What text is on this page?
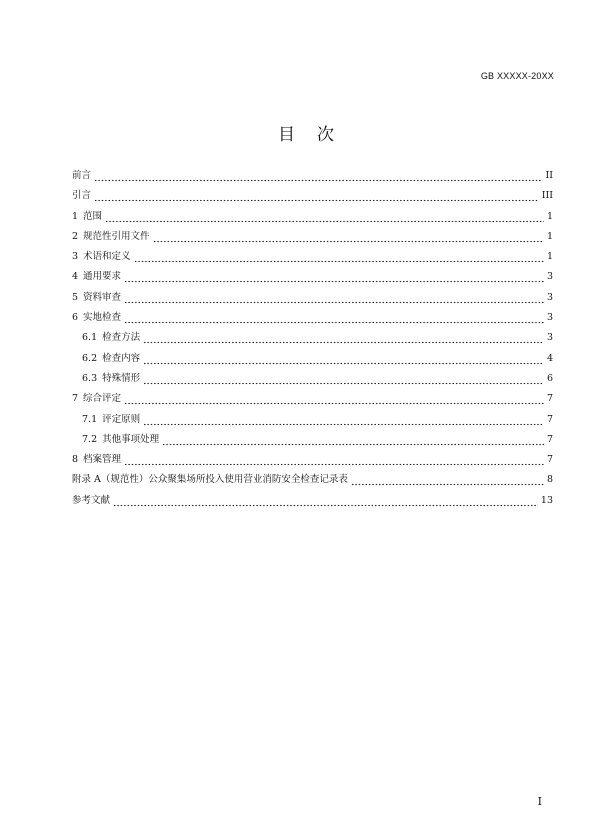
GB XXXXX-20XX
目次
前言	II
引言	III
1 范围	1
2 规范性引用文件	1
3 术语和定义	1
4 通用要求	3
5 资料审查	3
6 实地检查	3
6.1 检查方法	3
6.2 检查内容	4
6.3 特殊情形	6
7 综合评定	7
7.1 评定原则	7
7.2 其他事项处理	7
8 档案管理	7
附录 A（规范性）公众聚集场所投入使用营业消防安全检查记录表	8
参考文献	13
I
